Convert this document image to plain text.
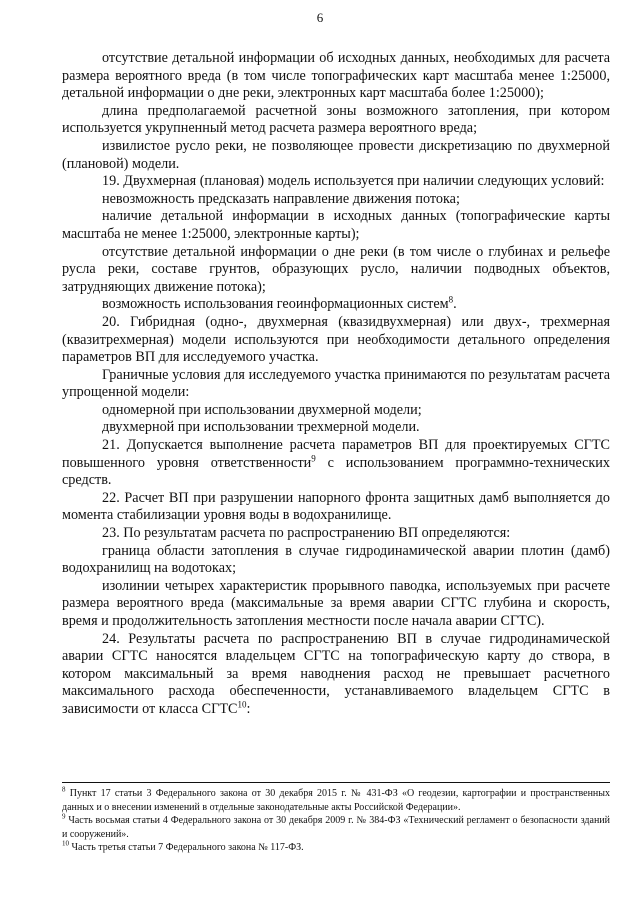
6

отсутствие детальной информации об исходных данных, необходимых для расчета размера вероятного вреда (в том числе топографических карт масштаба менее 1:25000, детальной информации о дне реки, электронных карт масштаба более 1:25000);

длина предполагаемой расчетной зоны возможного затопления, при котором используется укрупненный метод расчета размера вероятного вреда;

извилистое русло реки, не позволяющее провести дискретизацию по двухмерной (плановой) модели.

19. Двухмерная (плановая) модель используется при наличии следующих условий:

невозможность предсказать направление движения потока;

наличие детальной информации в исходных данных (топографические карты масштаба не менее 1:25000, электронные карты);

отсутствие детальной информации о дне реки (в том числе о глубинах и рельефе русла реки, составе грунтов, образующих русло, наличии подводных объектов, затрудняющих движение потока);

возможность использования геоинформационных систем$^8$.

20. Гибридная (одно-, двухмерная (квазидвухмерная) или двух-, трехмерная (квазитрехмерная) модели используются при необходимости детального определения параметров ВП для исследуемого участка.

Граничные условия для исследуемого участка принимаются по результатам расчета упрощенной модели:

одномерной при использовании двухмерной модели;

двухмерной при использовании трехмерной модели.

21. Допускается выполнение расчета параметров ВП для проектируемых СГТС повышенного уровня ответственности$^9$ с использованием программно-технических средств.

22. Расчет ВП при разрушении напорного фронта защитных дамб выполняется до момента стабилизации уровня воды в водохранилище.

23. По результатам расчета по распространению ВП определяются:

граница области затопления в случае гидродинамической аварии плотин (дамб) водохранилищ на водотоках;

изолинии четырех характеристик прорывного паводка, используемых при расчете размера вероятного вреда (максимальные за время аварии СГТС глубина и скорость, время и продолжительность затопления местности после начала аварии СГТС).

24. Результаты расчета по распространению ВП в случае гидродинамической аварии СГТС наносятся владельцем СГТС на топографическую карту до створа, в котором максимальный за время наводнения расход не превышает расчетного максимального расхода обеспеченности, устанавливаемого владельцем СГТС в зависимости от класса СГТС$^{10}$:

$^8$ Пункт 17 статьи 3 Федерального закона от 30 декабря 2015 г. № 431-ФЗ «О геодезии, картографии и пространственных данных и о внесении изменений в отдельные законодательные акты Российской Федерации».

$^9$ Часть восьмая статьи 4 Федерального закона от 30 декабря 2009 г. № 384-ФЗ «Технический регламент о безопасности зданий и сооружений».

$^{10}$ Часть третья статьи 7 Федерального закона № 117-ФЗ.
